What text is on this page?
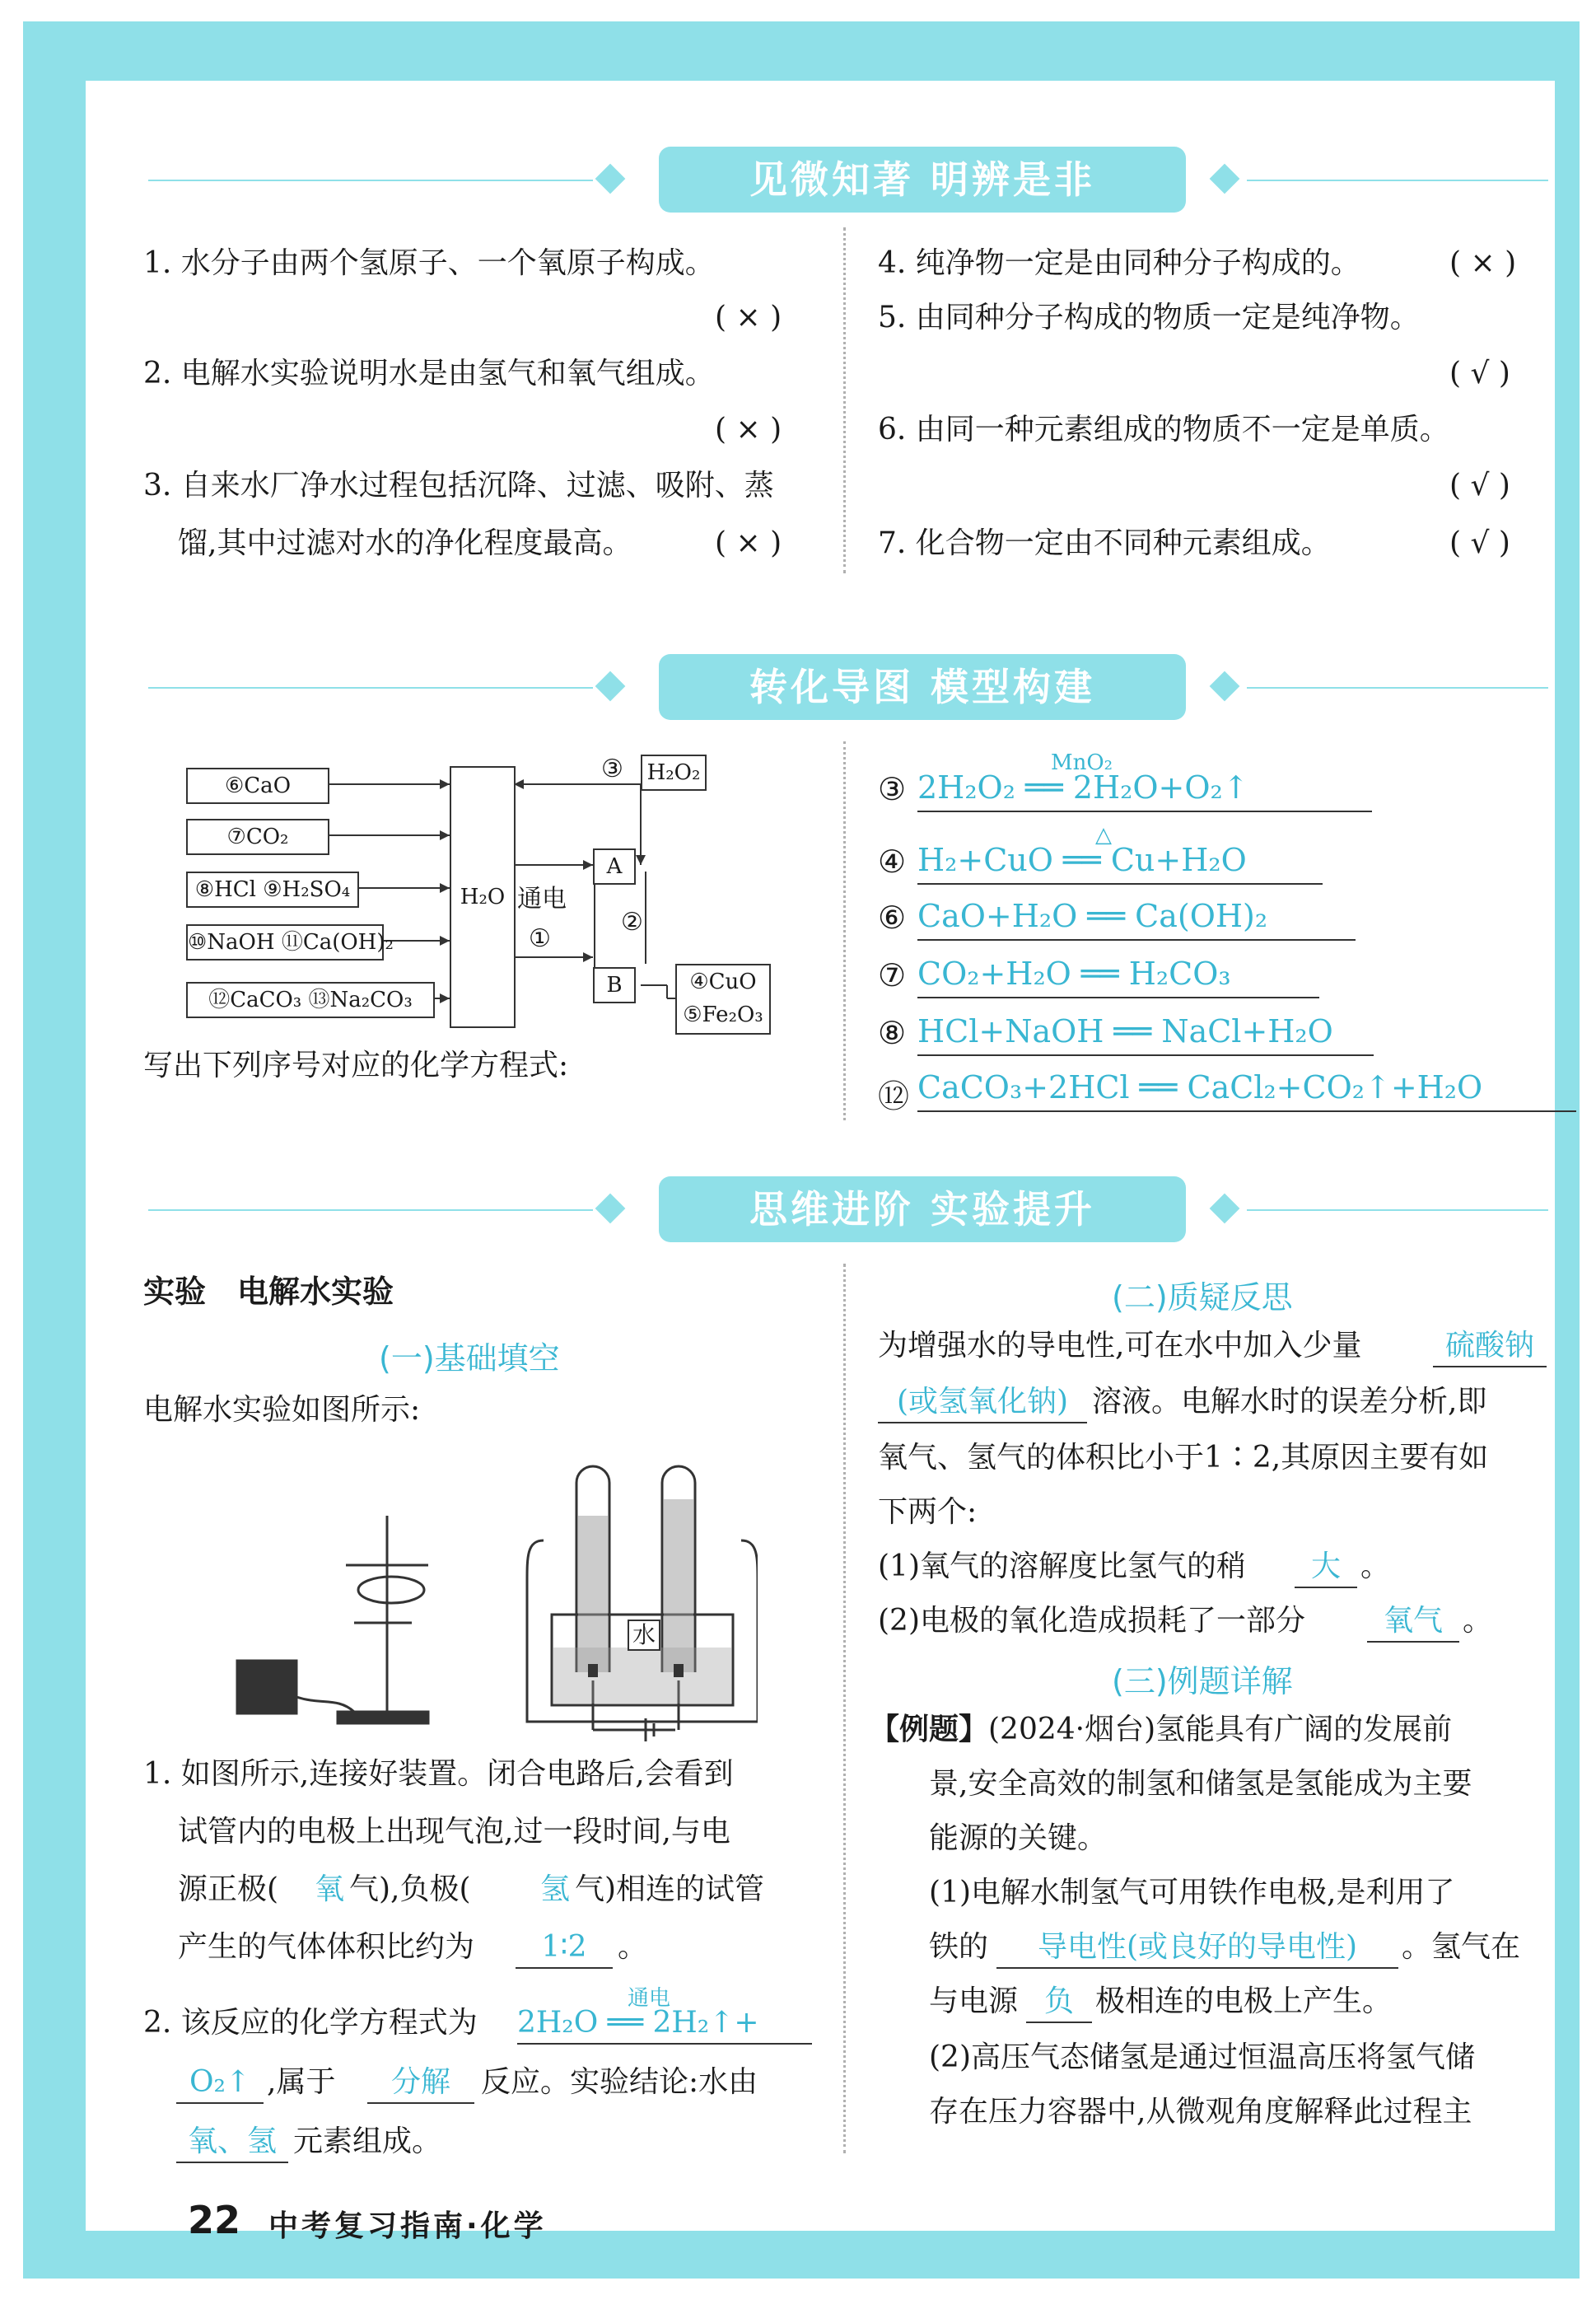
见微知著 明辨是非
1. 水分子由两个氢原子、一个氧原子构成。
( × )
2. 电解水实验说明水是由氢气和氧气组成。
( × )
3. 自来水厂净水过程包括沉降、过滤、吸附、蒸
馏,其中过滤对水的净化程度最高。	( × )
4. 纯净物一定是由同种分子构成的。	( × )
5. 由同种分子构成的物质一定是纯净物。
( √ )
6. 由同一种元素组成的物质不一定是单质。
( √ )
7. 化合物一定由不同种元素组成。	( √ )
转化导图 模型构建
⑥CaO
⑦CO₂
⑧HCl ⑨H₂SO₄
⑩NaOH ⑪Ca(OH)₂
⑫CaCO₃ ⑬Na₂CO₃
H₂O
H₂O₂
A
B	④CuO
⑤Fe₂O₃
通电
①
②
③
写出下列序号对应的化学方程式:
③ 2H₂O₂ ══ 2H₂O+O₂↑
MnO₂
④ H₂+CuO ══ Cu+H₂O
△
⑥ CaO+H₂O ══ Ca(OH)₂
⑦ CO₂+H₂O ══ H₂CO₃
⑧ HCl+NaOH ══ NaCl+H₂O
⑫ CaCO₃+2HCl ══ CaCl₂+CO₂↑+H₂O
思维进阶 实验提升
实验　电解水实验
(一)基础填空
电解水实验如图所示:
水
1. 如图所示,连接好装置。闭合电路后,会看到
试管内的电极上出现气泡,过一段时间,与电
源正极( 氧 气),负极( 氢 气)相连的试管
产生的气体体积比约为	1∶2	。
2. 该反应的化学方程式为 2H₂O ══ 2H₂↑+
通电
O₂↑ ,属于	分解	反应。实验结论:水由
氧、氢 元素组成。
(二)质疑反思
为增强水的导电性,可在水中加入少量	硫酸钠
(或氢氧化钠) 溶液。电解水时的误差分析,即
氧气、氢气的体积比小于1∶2,其原因主要有如
下两个:
(1)氧气的溶解度比氢气的稍	大 。
(2)电极的氧化造成损耗了一部分	氧气 。
(三)例题详解
【例题】 (2024·烟台)氢能具有广阔的发展前
景,安全高效的制氢和储氢是氢能成为主要
能源的关键。
(1)电解水制氢气可用铁作电极,是利用了
铁的	导电性(或良好的导电性)	。氢气在
与电源 负 极相连的电极上产生。
(2)高压气态储氢是通过恒温高压将氢气储
存在压力容器中,从微观角度解释此过程主
22 中考复习指南·化学
